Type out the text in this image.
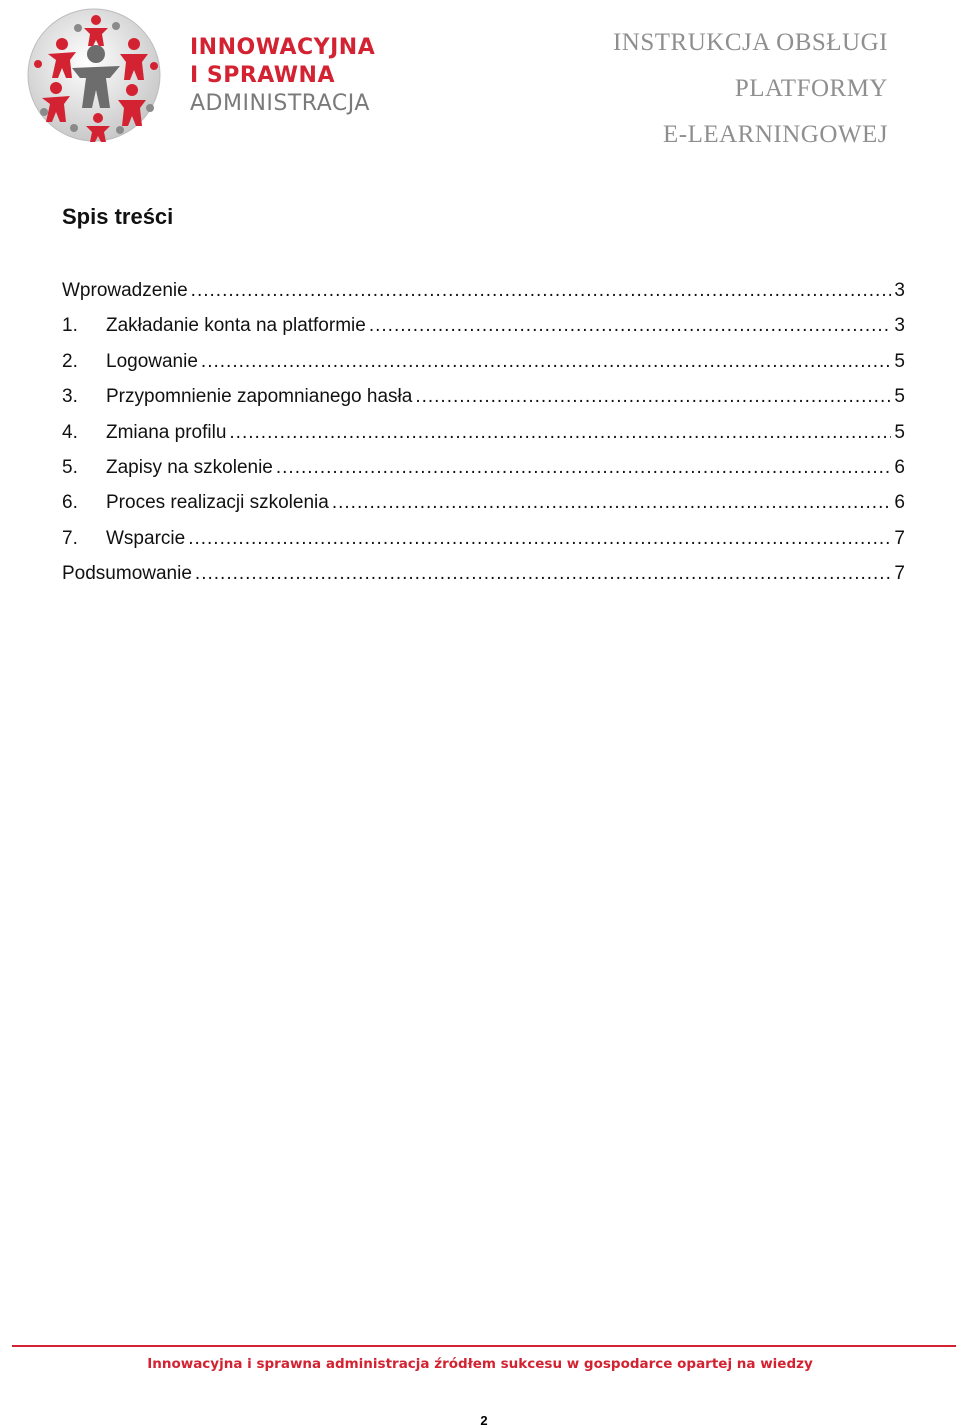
INNOWACYJNA
I SPRAWNA
ADMINISTRACJA
INSTRUKCJA OBSŁUGI
PLATFORMY
E-LEARNINGOWEJ
Spis treści
Wprowadzenie .....	3
1.	Zakładanie konta na platformie .....	3
2.	Logowanie .....	5
3.	Przypomnienie zapomnianego hasła .....	5
4.	Zmiana profilu .....	5
5.	Zapisy na szkolenie .....	6
6.	Proces realizacji szkolenia .....	6
7.	Wsparcie .....	7
Podsumowanie .....	7
Innowacyjna i sprawna administracja źródłem sukcesu w gospodarce opartej na wiedzy
2
